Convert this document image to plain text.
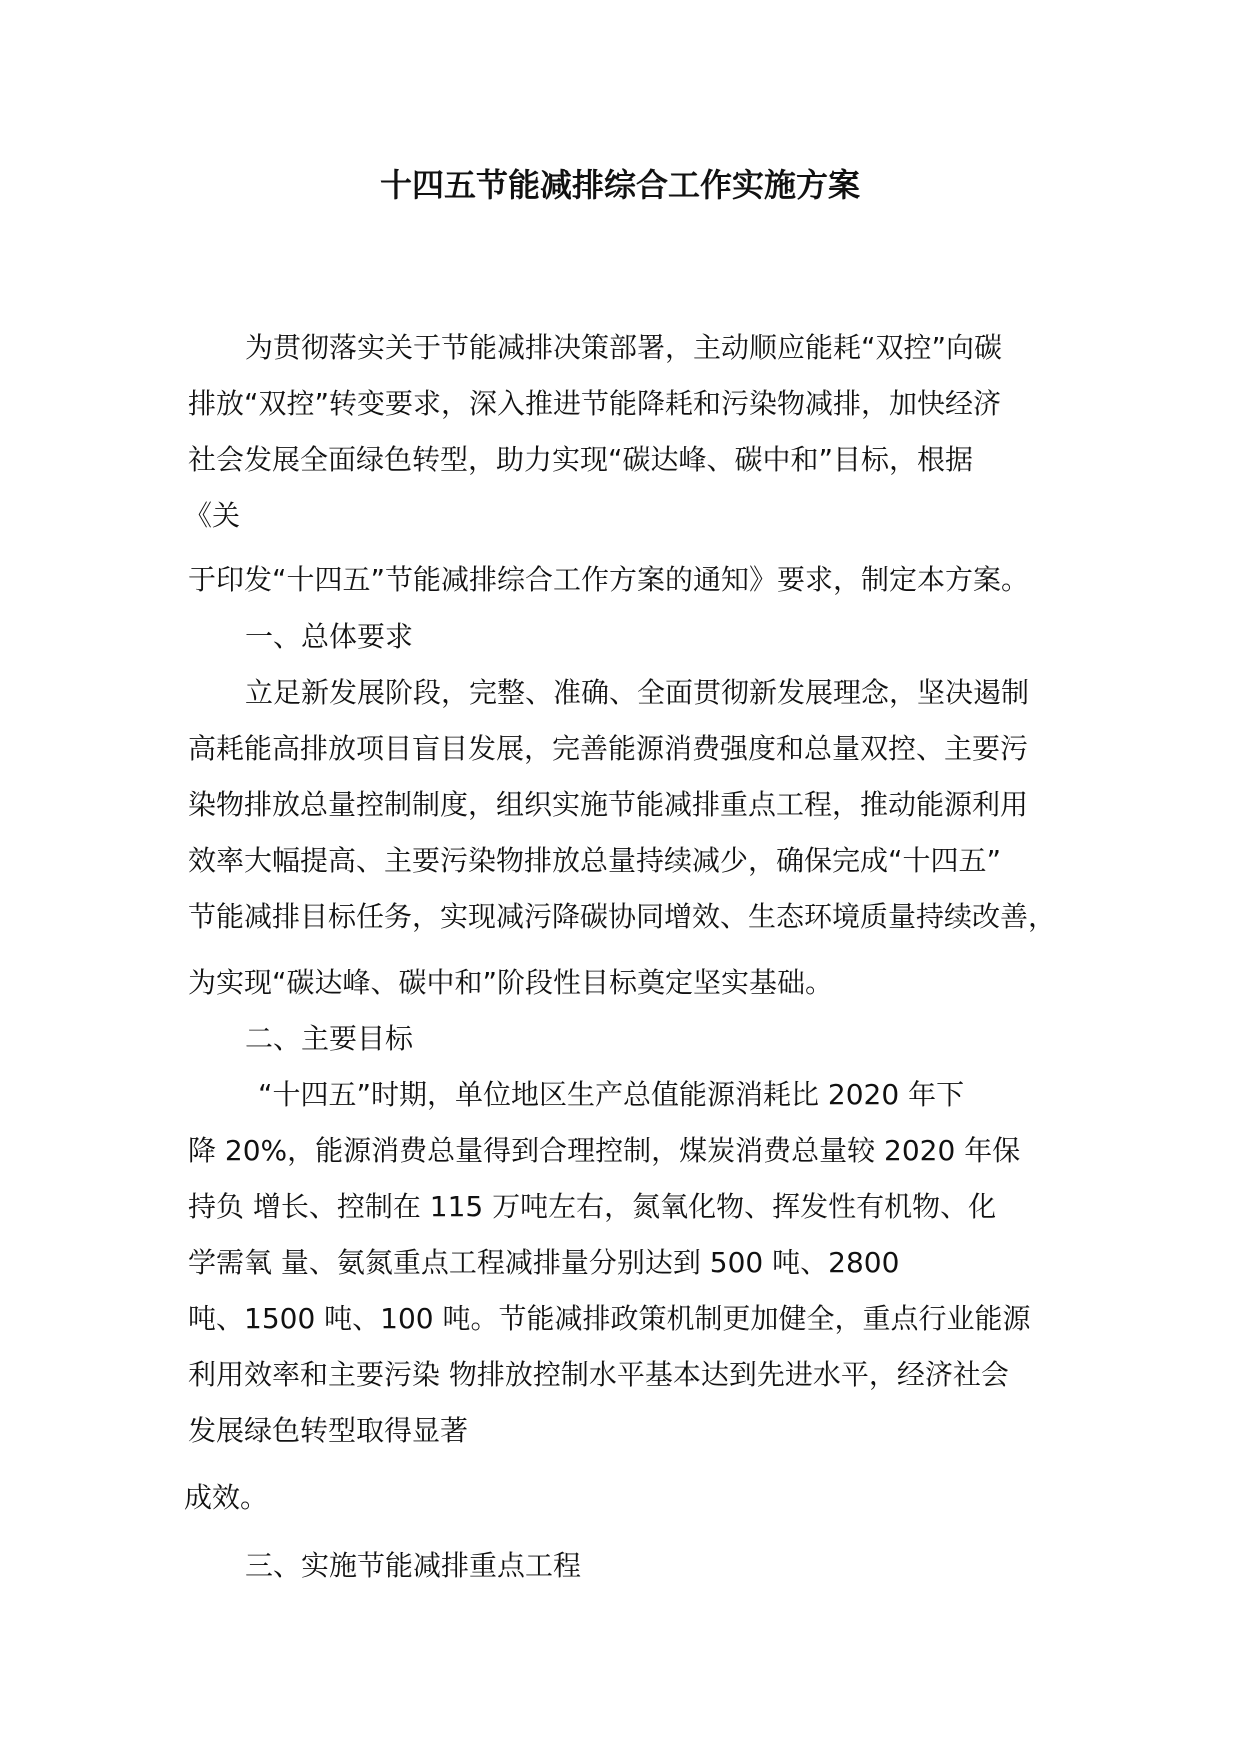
十四五节能减排综合工作实施方案
为贯彻落实关于节能减排决策部署，主动顺应能耗“双控”向碳
排放“双控”转变要求，深入推进节能降耗和污染物减排，加快经济
社会发展全面绿色转型，助力实现“碳达峰、碳中和”目标，根据
《关
于印发“十四五”节能减排综合工作方案的通知》要求，制定本方案。
一、总体要求
立足新发展阶段，完整、准确、全面贯彻新发展理念，坚决遏制
高耗能高排放项目盲目发展，完善能源消费强度和总量双控、主要污
染物排放总量控制制度，组织实施节能减排重点工程，推动能源利用
效率大幅提高、主要污染物排放总量持续减少，确保完成“十四五”
节能减排目标任务，实现减污降碳协同增效、生态环境质量持续改善，
为实现“碳达峰、碳中和”阶段性目标奠定坚实基础。
二、主要目标
“十四五”时期，单位地区生产总值能源消耗比 2020 年下
降 20%，能源消费总量得到合理控制，煤炭消费总量较 2020 年保
持负 增长、控制在 115 万吨左右，氮氧化物、挥发性有机物、化
学需氧 量、氨氮重点工程减排量分别达到 500 吨、2800
吨、1500 吨、100 吨。节能减排政策机制更加健全，重点行业能源
利用效率和主要污染 物排放控制水平基本达到先进水平，经济社会
发展绿色转型取得显著
成效。
三、实施节能减排重点工程
